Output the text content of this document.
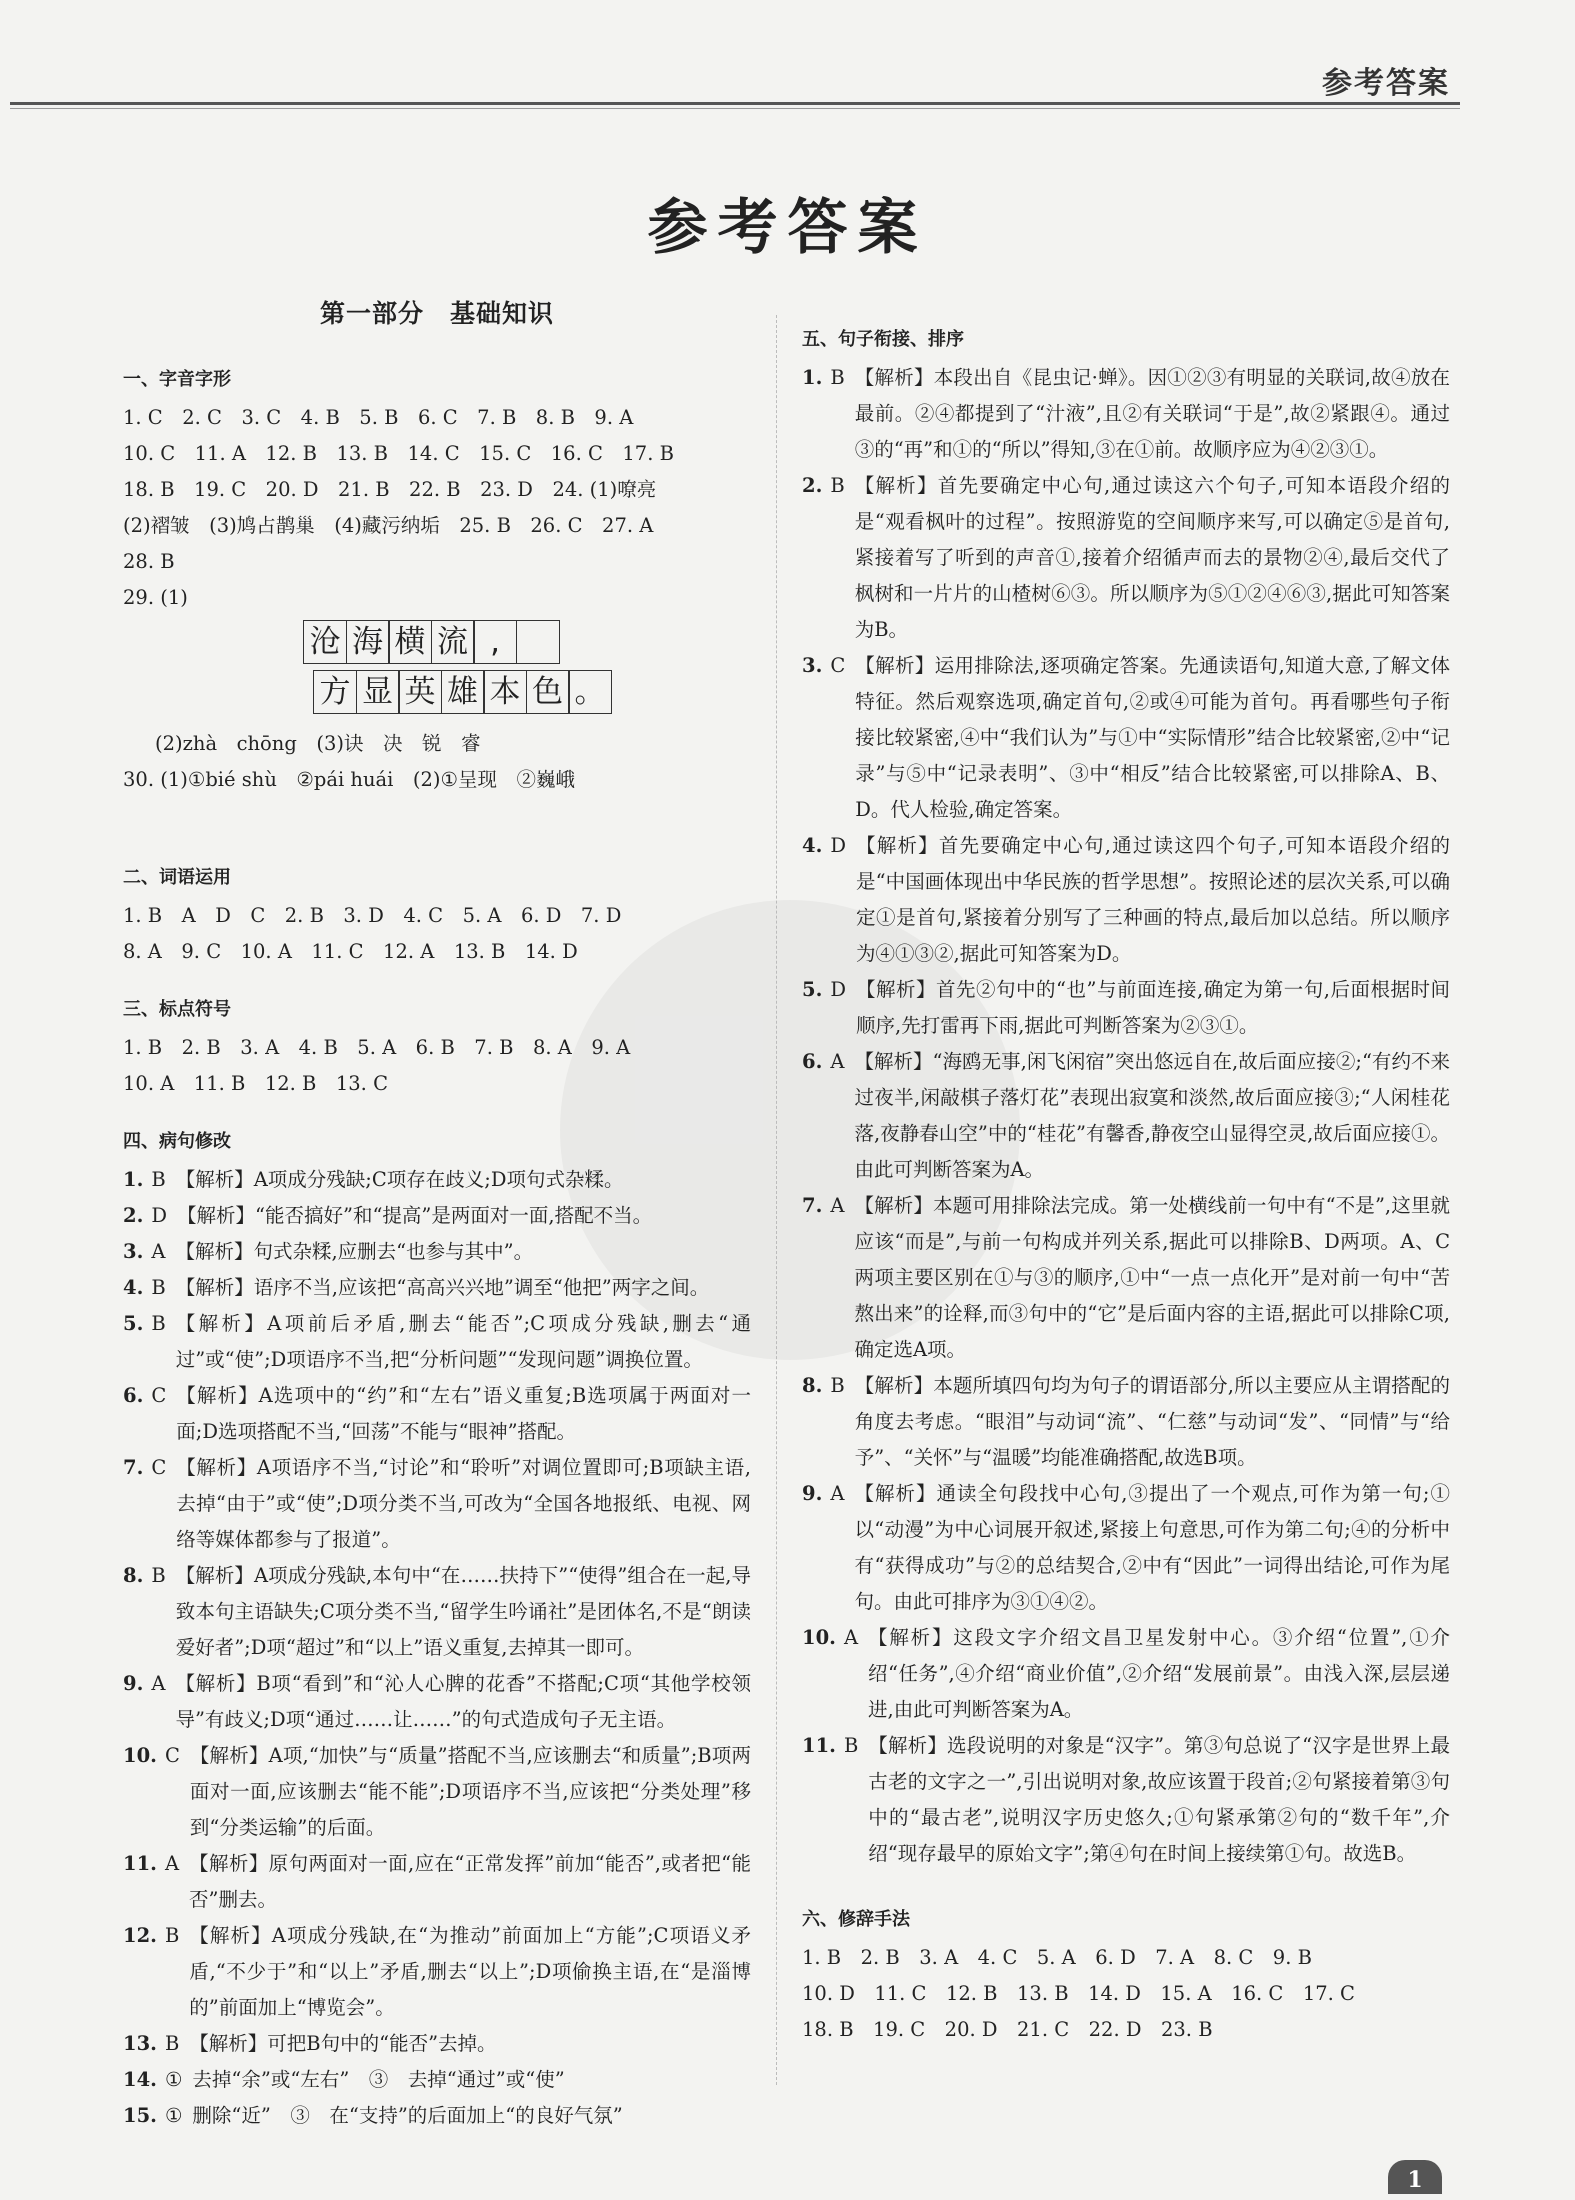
参考答案
参考答案
第一部分　基础知识
一、字音字形
1. C　2. C　3. C　4. B　5. B　6. C　7. B　8. B　9. A
10. C　11. A　12. B　13. B　14. C　15. C　16. C　17. B
18. B　19. C　20. D　21. B　22. B　23. D　24. (1)嘹亮
(2)褶皱　(3)鸠占鹊巢　(4)藏污纳垢　25. B　26. C　27. A
28. B
29. (1)
沧 海 横 流 ,
方 显 英 雄 本 色 。
(2)zhà　chōng　(3)诀　决　锐　睿
30. (1)①bié shù　②pái huái　(2)①呈现　②巍峨
二、词语运用
1. B　A　D　C　2. B　3. D　4. C　5. A　6. D　7. D
8. A　9. C　10. A　11. C　12. A　13. B　14. D
三、标点符号
1. B　2. B　3. A　4. B　5. A　6. B　7. B　8. A　9. A
10. A　11. B　12. B　13. C
四、病句修改
1. B 【解析】A项成分残缺;C项存在歧义;D项句式杂糅。
2. D 【解析】“能否搞好”和“提高”是两面对一面,搭配不当。
3. A 【解析】句式杂糅,应删去“也参与其中”。
4. B 【解析】语序不当,应该把“高高兴兴地”调至“他把”两字之间。
5. B 【解析】A项前后矛盾,删去“能否”;C项成分残缺,删去“通过”或“使”;D项语序不当,把“分析问题”“发现问题”调换位置。
6. C 【解析】A选项中的“约”和“左右”语义重复;B选项属于两面对一面;D选项搭配不当,“回荡”不能与“眼神”搭配。
7. C 【解析】A项语序不当,“讨论”和“聆听”对调位置即可;B项缺主语,去掉“由于”或“使”;D项分类不当,可改为“全国各地报纸、电视、网络等媒体都参与了报道”。
8. B 【解析】A项成分残缺,本句中“在……扶持下”“使得”组合在一起,导致本句主语缺失;C项分类不当,“留学生吟诵社”是团体名,不是“朗读爱好者”;D项“超过”和“以上”语义重复,去掉其一即可。
9. A 【解析】B项“看到”和“沁人心脾的花香”不搭配;C项“其他学校领导”有歧义;D项“通过……让……”的句式造成句子无主语。
10. C 【解析】A项,“加快”与“质量”搭配不当,应该删去“和质量”;B项两面对一面,应该删去“能不能”;D项语序不当,应该把“分类处理”移到“分类运输”的后面。
11. A 【解析】原句两面对一面,应在“正常发挥”前加“能否”,或者把“能否”删去。
12. B 【解析】A项成分残缺,在“为推动”前面加上“方能”;C项语义矛盾,“不少于”和“以上”矛盾,删去“以上”;D项偷换主语,在“是淄博的”前面加上“博览会”。
13. B 【解析】可把B句中的“能否”去掉。
14. ① 去掉“余”或“左右”　③　去掉“通过”或“使”
15. ① 删除“近”　③　在“支持”的后面加上“的良好气氛”
五、句子衔接、排序
1. B 【解析】本段出自《昆虫记·蝉》。因①②③有明显的关联词,故④放在最前。②④都提到了“汁液”,且②有关联词“于是”,故②紧跟④。通过③的“再”和①的“所以”得知,③在①前。故顺序应为④②③①。
2. B 【解析】首先要确定中心句,通过读这六个句子,可知本语段介绍的是“观看枫叶的过程”。按照游览的空间顺序来写,可以确定⑤是首句,紧接着写了听到的声音①,接着介绍循声而去的景物②④,最后交代了枫树和一片片的山楂树⑥③。所以顺序为⑤①②④⑥③,据此可知答案为B。
3. C 【解析】运用排除法,逐项确定答案。先通读语句,知道大意,了解文体特征。然后观察选项,确定首句,②或④可能为首句。再看哪些句子衔接比较紧密,④中“我们认为”与①中“实际情形”结合比较紧密,②中“记录”与⑤中“记录表明”、③中“相反”结合比较紧密,可以排除A、B、D。代人检验,确定答案。
4. D 【解析】首先要确定中心句,通过读这四个句子,可知本语段介绍的是“中国画体现出中华民族的哲学思想”。按照论述的层次关系,可以确定①是首句,紧接着分别写了三种画的特点,最后加以总结。所以顺序为④①③②,据此可知答案为D。
5. D 【解析】首先②句中的“也”与前面连接,确定为第一句,后面根据时间顺序,先打雷再下雨,据此可判断答案为②③①。
6. A 【解析】“海鸥无事,闲飞闲宿”突出悠远自在,故后面应接②;“有约不来过夜半,闲敲棋子落灯花”表现出寂寞和淡然,故后面应接③;“人闲桂花落,夜静春山空”中的“桂花”有馨香,静夜空山显得空灵,故后面应接①。由此可判断答案为A。
7. A 【解析】本题可用排除法完成。第一处横线前一句中有“不是”,这里就应该“而是”,与前一句构成并列关系,据此可以排除B、D两项。A、C两项主要区别在①与③的顺序,①中“一点一点化开”是对前一句中“苦熬出来”的诠释,而③句中的“它”是后面内容的主语,据此可以排除C项,确定选A项。
8. B 【解析】本题所填四句均为句子的谓语部分,所以主要应从主谓搭配的角度去考虑。“眼泪”与动词“流”、“仁慈”与动词“发”、“同情”与“给予”、“关怀”与“温暖”均能准确搭配,故选B项。
9. A 【解析】通读全句段找中心句,③提出了一个观点,可作为第一句;①以“动漫”为中心词展开叙述,紧接上句意思,可作为第二句;④的分析中有“获得成功”与②的总结契合,②中有“因此”一词得出结论,可作为尾句。由此可排序为③①④②。
10. A 【解析】这段文字介绍文昌卫星发射中心。③介绍“位置”,①介绍“任务”,④介绍“商业价值”,②介绍“发展前景”。由浅入深,层层递进,由此可判断答案为A。
11. B 【解析】选段说明的对象是“汉字”。第③句总说了“汉字是世界上最古老的文字之一”,引出说明对象,故应该置于段首;②句紧接着第③句中的“最古老”,说明汉字历史悠久;①句紧承第②句的“数千年”,介绍“现存最早的原始文字”;第④句在时间上接续第①句。故选B。
六、修辞手法
1. B　2. B　3. A　4. C　5. A　6. D　7. A　8. C　9. B
10. D　11. C　12. B　13. B　14. D　15. A　16. C　17. C
18. B　19. C　20. D　21. C　22. D　23. B
1
